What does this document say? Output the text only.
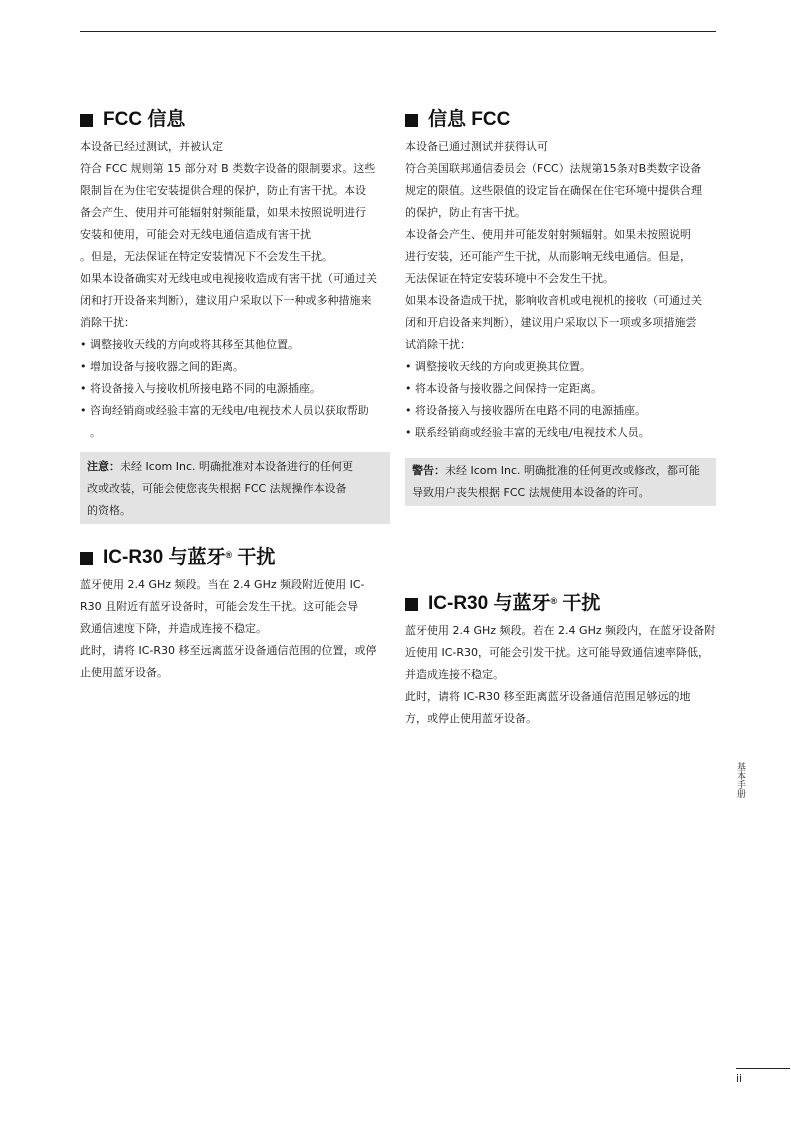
FCC 信息
本设备已经过测试，并被认定
符合 FCC 规则第 15 部分对 B 类数字设备的限制要求。这些
限制旨在为住宅安装提供合理的保护，防止有害干扰。本设
备会产生、使用并可能辐射射频能量，如果未按照说明进行
安装和使用，可能会对无线电通信造成有害干扰
。但是，无法保证在特定安装情况下不会发生干扰。
如果本设备确实对无线电或电视接收造成有害干扰（可通过关
闭和打开设备来判断），建议用户采取以下一种或多种措施来
消除干扰：
• 调整接收天线的方向或将其移至其他位置。
• 增加设备与接收器之间的距离。
• 将设备接入与接收机所接电路不同的电源插座。
• 咨询经销商或经验丰富的无线电/电视技术人员以获取帮助
。
注意：未经 Icom Inc. 明确批准对本设备进行的任何更
改或改装，可能会使您丧失根据 FCC 法规操作本设备
的资格。
信息 FCC
本设备已通过测试并获得认可
符合美国联邦通信委员会（FCC）法规第15条对B类数字设备
规定的限值。这些限值的设定旨在确保在住宅环境中提供合理
的保护，防止有害干扰。
本设备会产生、使用并可能发射射频辐射。如果未按照说明
进行安装，还可能产生干扰，从而影响无线电通信。但是，
无法保证在特定安装环境中不会发生干扰。
如果本设备造成干扰，影响收音机或电视机的接收（可通过关
闭和开启设备来判断），建议用户采取以下一项或多项措施尝
试消除干扰：
• 调整接收天线的方向或更换其位置。
• 将本设备与接收器之间保持一定距离。
• 将设备接入与接收器所在电路不同的电源插座。
• 联系经销商或经验丰富的无线电/电视技术人员。
警告：未经 Icom Inc. 明确批准的任何更改或修改，都可能
导致用户丧失根据 FCC 法规使用本设备的许可。
IC-R30 与蓝牙® 干扰
蓝牙使用 2.4 GHz 频段。当在 2.4 GHz 频段附近使用 IC-
R30 且附近有蓝牙设备时，可能会发生干扰。这可能会导
致通信速度下降，并造成连接不稳定。
此时，请将 IC-R30 移至远离蓝牙设备通信范围的位置，或停
止使用蓝牙设备。
IC-R30 与蓝牙® 干扰
蓝牙使用 2.4 GHz 频段。若在 2.4 GHz 频段内，在蓝牙设备附
近使用 IC-R30，可能会引发干扰。这可能导致通信速率降低，
并造成连接不稳定。
此时，请将 IC-R30 移至距离蓝牙设备通信范围足够远的地
方，或停止使用蓝牙设备。
基本手册
ii
